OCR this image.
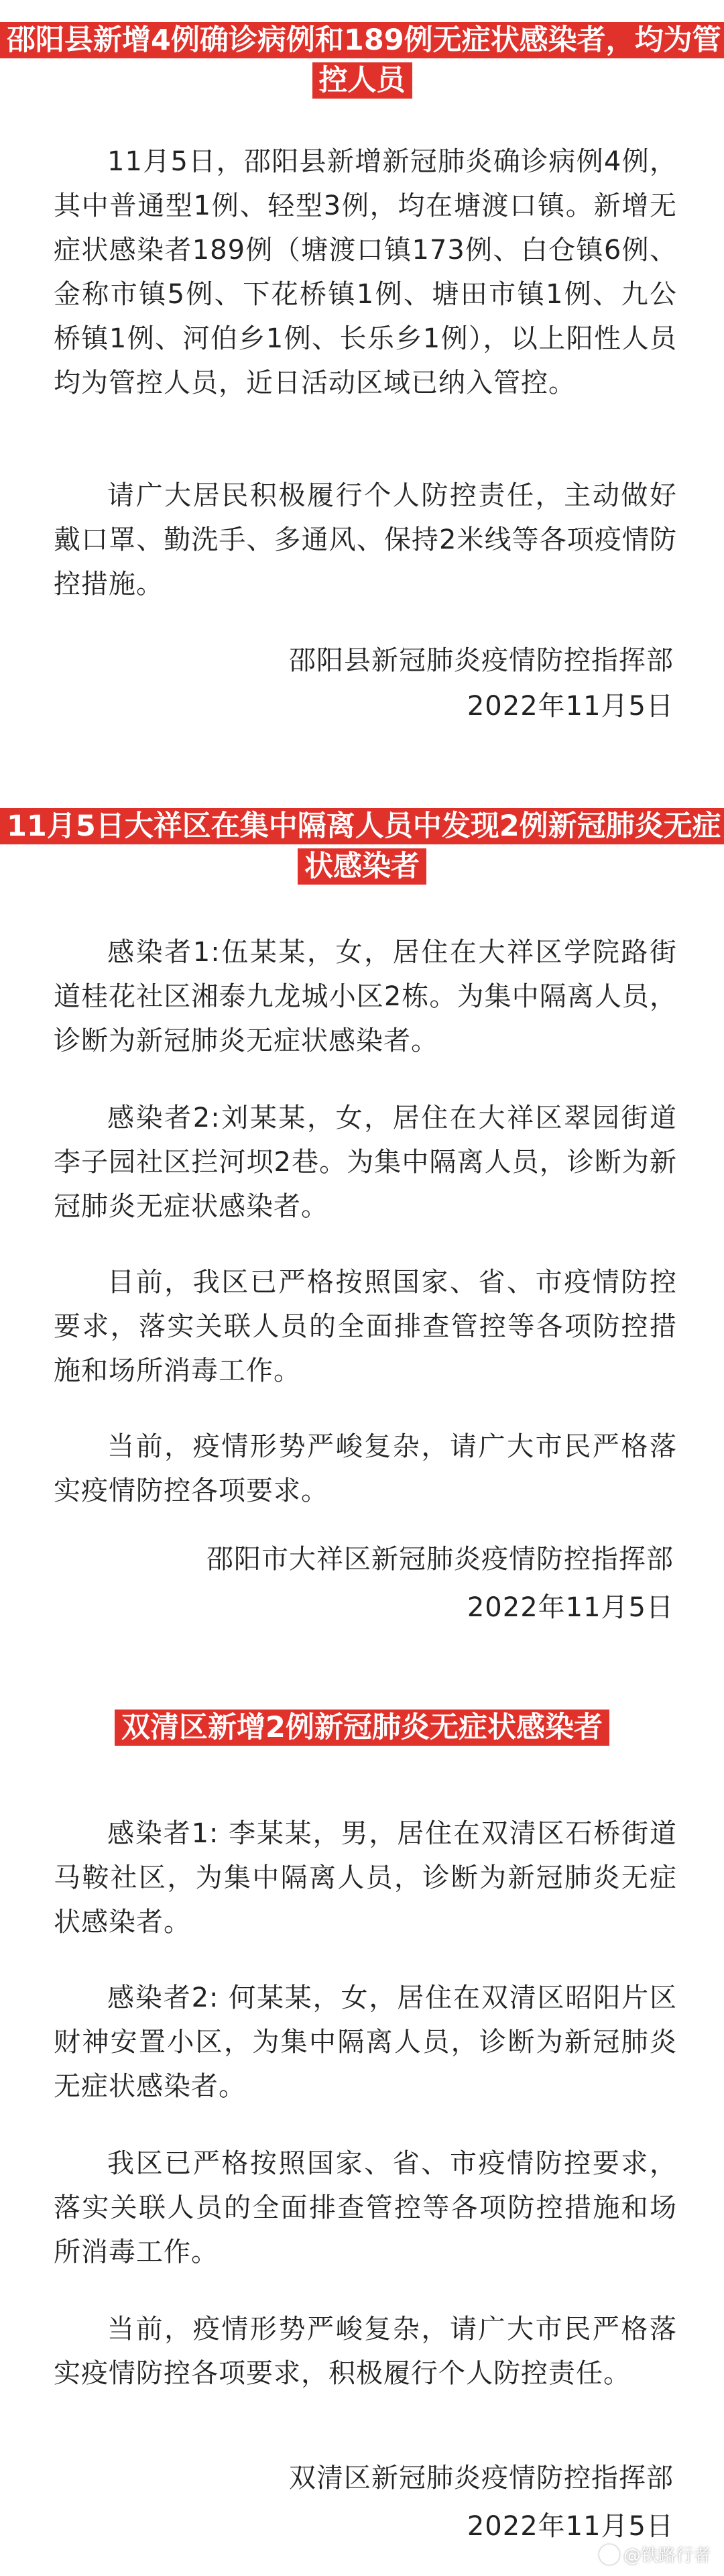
邵阳县新增4例确诊病例和189例无症状感染者，均为管控人员

11月5日，邵阳县新增新冠肺炎确诊病例4例，其中普通型1例、轻型3例，均在塘渡口镇。新增无症状感染者189例（塘渡口镇173例、白仓镇6例、金称市镇5例、下花桥镇1例、塘田市镇1例、九公桥镇1例、河伯乡1例、长乐乡1例），以上阳性人员均为管控人员，近日活动区域已纳入管控。

请广大居民积极履行个人防控责任，主动做好戴口罩、勤洗手、多通风、保持2米线等各项疫情防控措施。

邵阳县新冠肺炎疫情防控指挥部
2022年11月5日
11月5日大祥区在集中隔离人员中发现2例新冠肺炎无症状感染者

感染者1:伍某某，女，居住在大祥区学院路街道桂花社区湘泰九龙城小区2栋。为集中隔离人员，诊断为新冠肺炎无症状感染者。

感染者2:刘某某，女，居住在大祥区翠园街道李子园社区拦河坝2巷。为集中隔离人员，诊断为新冠肺炎无症状感染者。

目前，我区已严格按照国家、省、市疫情防控要求，落实关联人员的全面排查管控等各项防控措施和场所消毒工作。

当前，疫情形势严峻复杂，请广大市民严格落实疫情防控各项要求。

邵阳市大祥区新冠肺炎疫情防控指挥部
2022年11月5日
双清区新增2例新冠肺炎无症状感染者

感染者1: 李某某，男，居住在双清区石桥街道马鞍社区，为集中隔离人员，诊断为新冠肺炎无症状感染者。

感染者2: 何某某，女，居住在双清区昭阳片区财神安置小区，为集中隔离人员，诊断为新冠肺炎无症状感染者。

我区已严格按照国家、省、市疫情防控要求，落实关联人员的全面排查管控等各项防控措施和场所消毒工作。

当前，疫情形势严峻复杂，请广大市民严格落实疫情防控各项要求，积极履行个人防控责任。

双清区新冠肺炎疫情防控指挥部
2022年11月5日
@铁路行者
